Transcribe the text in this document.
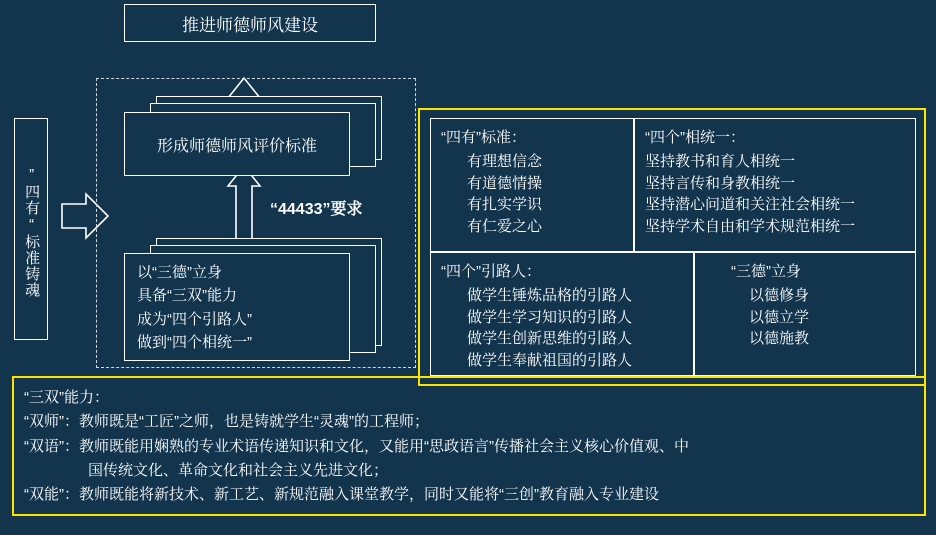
推进师德师风建设
”四有“标准铸魂
形成师德师风评价标准
“44433”要求
以“三德”立身
具备“三双”能力
成为“四个引路人”
做到“四个相统一”
“四有”标准：
有理想信念
有道德情操
有扎实学识
有仁爱之心
“四个”相统一：
坚持教书和育人相统一
坚持言传和身教相统一
坚持潜心问道和关注社会相统一
坚持学术自由和学术规范相统一
“四个”引路人：
做学生锤炼品格的引路人
做学生学习知识的引路人
做学生创新思维的引路人
做学生奉献祖国的引路人
“三德”立身
以德修身
以德立学
以德施教
“三双”能力：
“双师”：教师既是“工匠”之师，也是铸就学生“灵魂”的工程师；
“双语”：教师既能用娴熟的专业术语传递知识和文化，又能用“思政语言”传播社会主义核心价值观、中
国传统文化、革命文化和社会主义先进文化；
“双能”：教师既能将新技术、新工艺、新规范融入课堂教学，同时又能将“三创”教育融入专业建设
